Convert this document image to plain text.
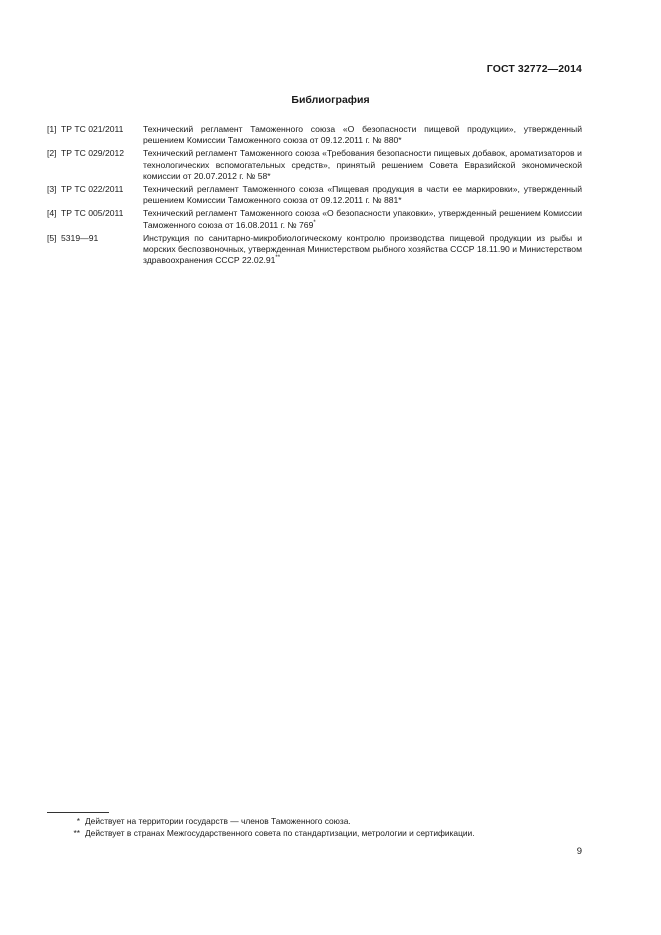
ГОСТ 32772—2014
Библиография
[1] ТР ТС 021/2011	Технический регламент Таможенного союза «О безопасности пищевой продукции», утвержденный решением Комиссии Таможенного союза от 09.12.2011 г. № 880*
[2] ТР ТС 029/2012	Технический регламент Таможенного союза «Требования безопасности пищевых добавок, ароматизаторов и технологических вспомогательных средств», принятый решением Совета Евразийской экономической комиссии от 20.07.2012 г. № 58*
[3] ТР ТС 022/2011	Технический регламент Таможенного союза «Пищевая продукция в части ее маркировки», утвержденный решением Комиссии Таможенного союза от 09.12.2011 г. № 881*
[4] ТР ТС 005/2011	Технический регламент Таможенного союза «О безопасности упаковки», утвержденный решением Комиссии Таможенного союза от 16.08.2011 г. № 769*
[5] 5319—91	Инструкция по санитарно-микробиологическому контролю производства пищевой продукции из рыбы и морских беспозвоночных, утвержденная Министерством рыбного хозяйства СССР 18.11.90 и Министерством здравоохранения СССР 22.02.91**
* Действует на территории государств — членов Таможенного союза.
** Действует в странах Межгосударственного совета по стандартизации, метрологии и сертификации.
9
